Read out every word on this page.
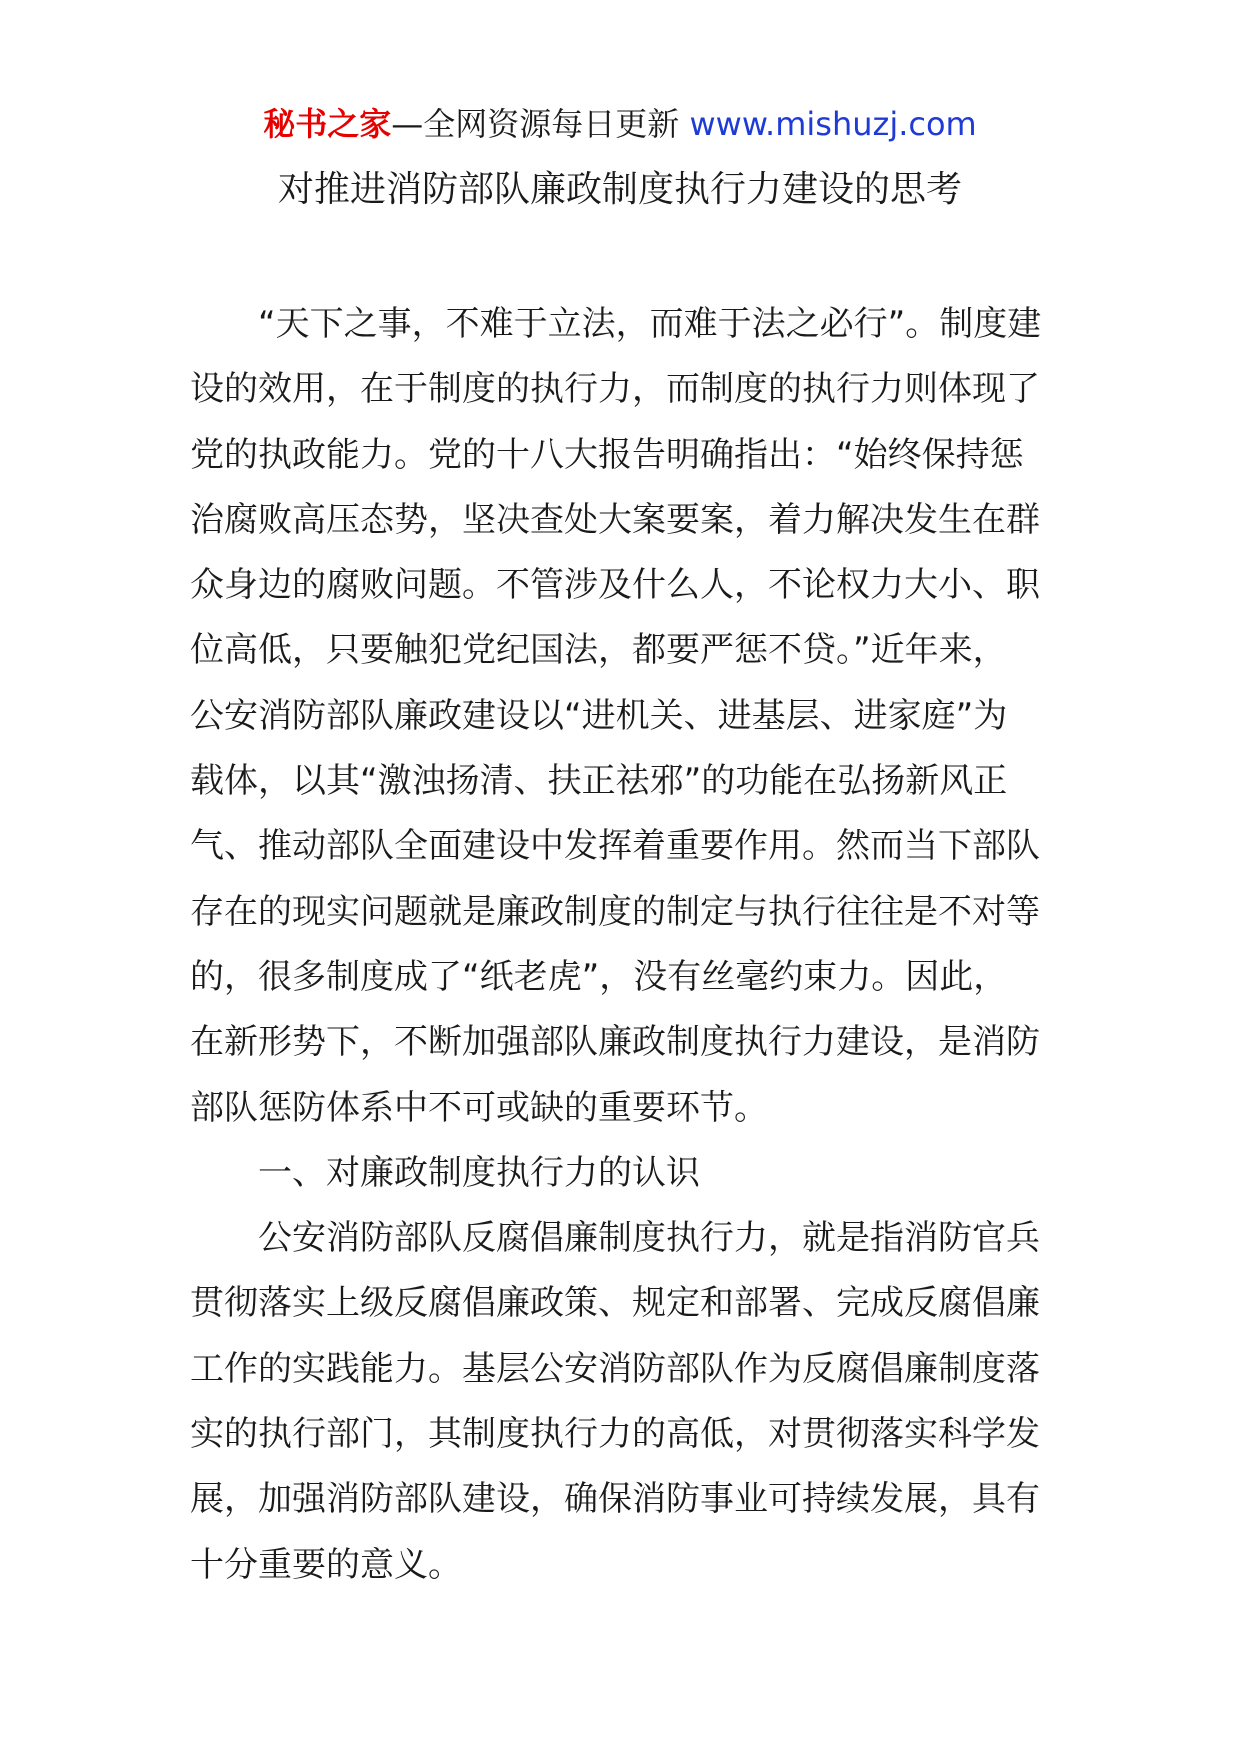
秘书之家—全网资源每日更新 www.mishuzj.com
对推进消防部队廉政制度执行力建设的思考
“天下之事，不难于立法，而难于法之必行”。制度建
设的效用，在于制度的执行力，而制度的执行力则体现了
党的执政能力。党的十八大报告明确指出：“始终保持惩
治腐败高压态势，坚决查处大案要案，着力解决发生在群
众身边的腐败问题。不管涉及什么人，不论权力大小、职
位高低，只要触犯党纪国法，都要严惩不贷。”近年来，
公安消防部队廉政建设以“进机关、进基层、进家庭”为
载体，以其“激浊扬清、扶正祛邪”的功能在弘扬新风正
气、推动部队全面建设中发挥着重要作用。然而当下部队
存在的现实问题就是廉政制度的制定与执行往往是不对等
的，很多制度成了“纸老虎”，没有丝毫约束力。因此，
在新形势下，不断加强部队廉政制度执行力建设，是消防
部队惩防体系中不可或缺的重要环节。
一、对廉政制度执行力的认识
公安消防部队反腐倡廉制度执行力，就是指消防官兵
贯彻落实上级反腐倡廉政策、规定和部署、完成反腐倡廉
工作的实践能力。基层公安消防部队作为反腐倡廉制度落
实的执行部门，其制度执行力的高低，对贯彻落实科学发
展，加强消防部队建设，确保消防事业可持续发展，具有
十分重要的意义。
